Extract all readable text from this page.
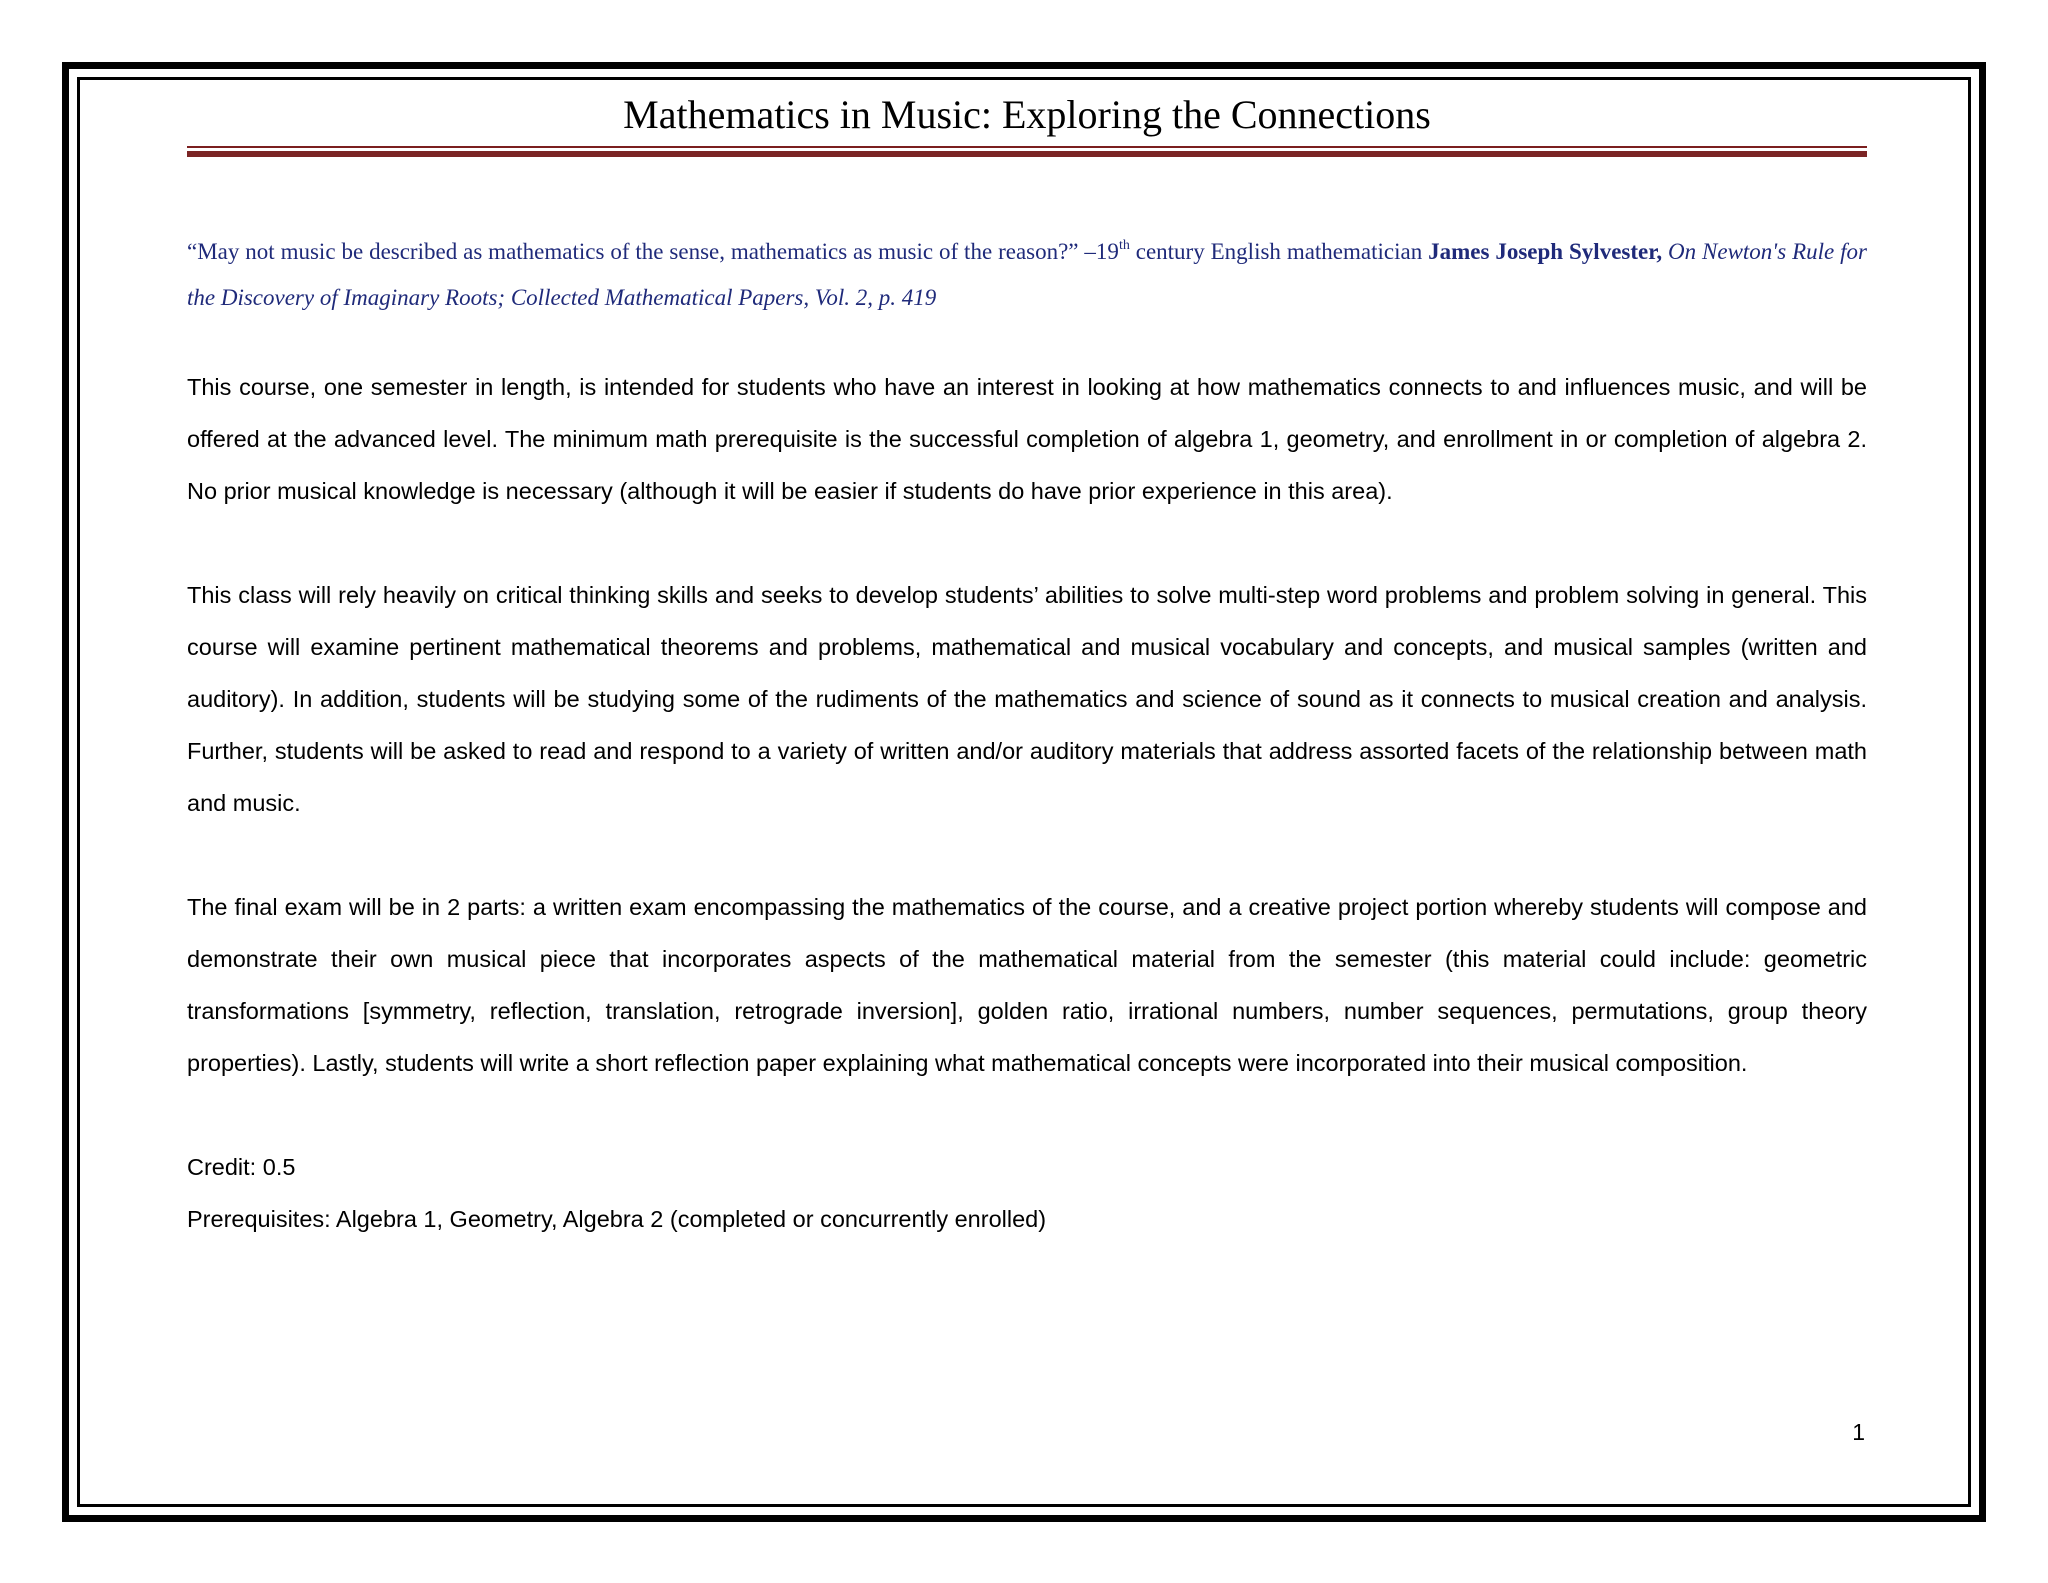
Mathematics in Music: Exploring the Connections
“May not music be described as mathematics of the sense, mathematics as music of the reason?” –19th century English mathematician James Joseph Sylvester, On Newton's Rule for the Discovery of Imaginary Roots; Collected Mathematical Papers, Vol. 2, p. 419

This course, one semester in length, is intended for students who have an interest in looking at how mathematics connects to and influences music, and will be offered at the advanced level. The minimum math prerequisite is the successful completion of algebra 1, geometry, and enrollment in or completion of algebra 2. No prior musical knowledge is necessary (although it will be easier if students do have prior experience in this area).

This class will rely heavily on critical thinking skills and seeks to develop students’ abilities to solve multi-step word problems and problem solving in general. This course will examine pertinent mathematical theorems and problems, mathematical and musical vocabulary and concepts, and musical samples (written and auditory). In addition, students will be studying some of the rudiments of the mathematics and science of sound as it connects to musical creation and analysis. Further, students will be asked to read and respond to a variety of written and/or auditory materials that address assorted facets of the relationship between math and music.

The final exam will be in 2 parts: a written exam encompassing the mathematics of the course, and a creative project portion whereby students will compose and demonstrate their own musical piece that incorporates aspects of the mathematical material from the semester (this material could include: geometric transformations [symmetry, reflection, translation, retrograde inversion], golden ratio, irrational numbers, number sequences, permutations, group theory properties). Lastly, students will write a short reflection paper explaining what mathematical concepts were incorporated into their musical composition.

Credit: 0.5
Prerequisites: Algebra 1, Geometry, Algebra 2 (completed or concurrently enrolled)
1
